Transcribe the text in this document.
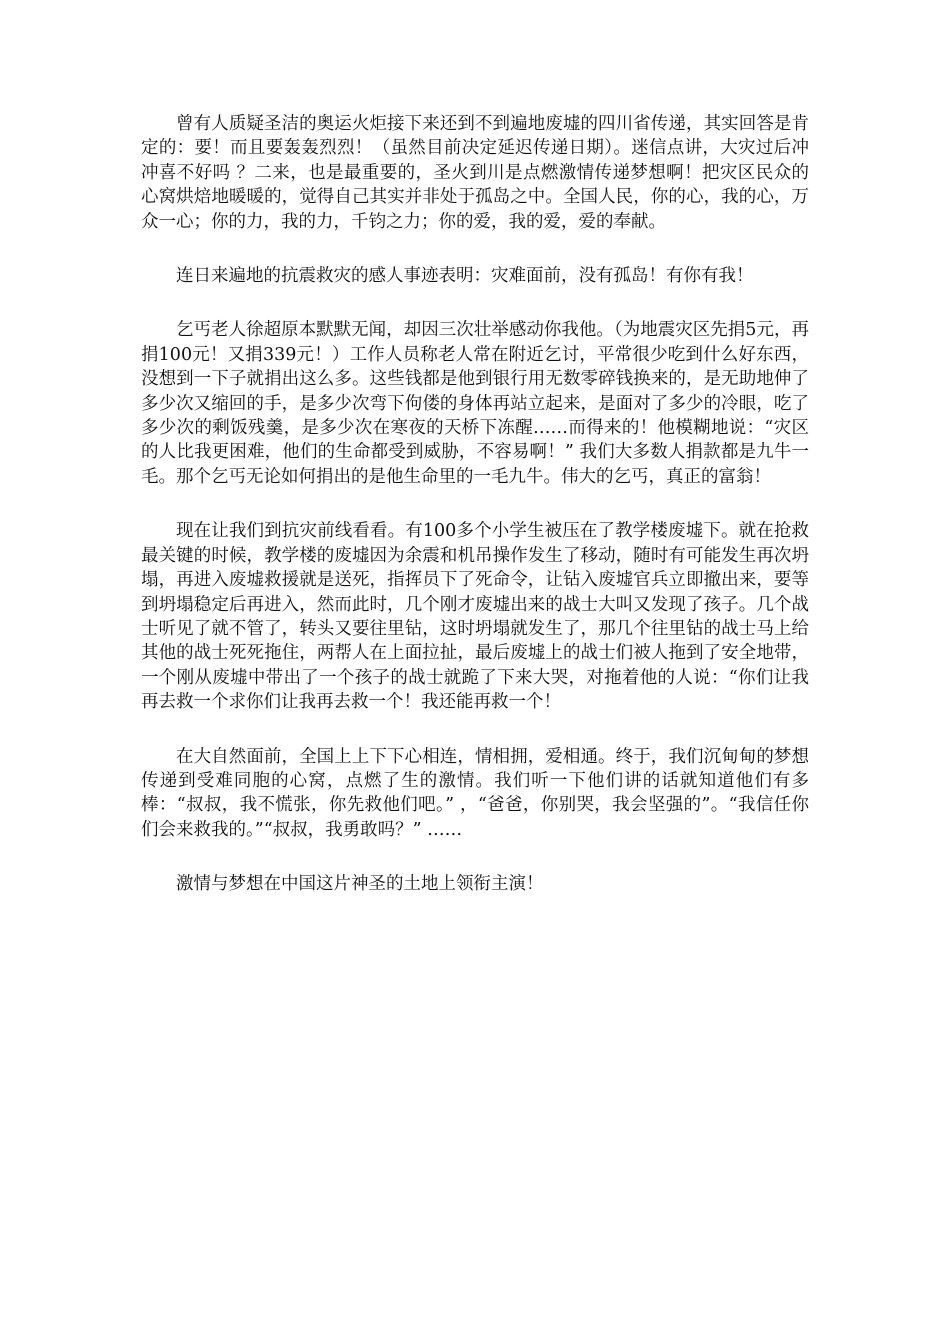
曾有人质疑圣洁的奥运火炬接下来还到不到遍地废墟的四川省传递，其实回答是肯定的：要！而且要轰轰烈烈！（虽然目前决定延迟传递日期）。迷信点讲，大灾过后冲冲喜不好吗 ？二来，也是最重要的，圣火到川是点燃激情传递梦想啊！把灾区民众的心窝烘焙地暖暖的，觉得自己其实并非处于孤岛之中。全国人民，你的心，我的心，万众一心；你的力，我的力，千钧之力；你的爱，我的爱，爱的奉献。

连日来遍地的抗震救灾的感人事迹表明：灾难面前，没有孤岛！有你有我！

乞丐老人徐超原本默默无闻，却因三次壮举感动你我他。（为地震灾区先捐5元，再捐100元！又捐339元！）工作人员称老人常在附近乞讨，平常很少吃到什么好东西，没想到一下子就捐出这么多。这些钱都是他到银行用无数零碎钱换来的，是无助地伸了多少次又缩回的手，是多少次弯下佝偻的身体再站立起来，是面对了多少的冷眼，吃了多少次的剩饭残羹，是多少次在寒夜的天桥下冻醒……而得来的！他模糊地说：“灾区的人比我更困难，他们的生命都受到威胁，不容易啊！” 我们大多数人捐款都是九牛一毛。那个乞丐无论如何捐出的是他生命里的一毛九牛。伟大的乞丐，真正的富翁！

现在让我们到抗灾前线看看。有100多个小学生被压在了教学楼废墟下。就在抢救最关键的时候，教学楼的废墟因为余震和机吊操作发生了移动，随时有可能发生再次坍塌，再进入废墟救援就是送死，指挥员下了死命令，让钻入废墟官兵立即撤出来，要等到坍塌稳定后再进入，然而此时，几个刚才废墟出来的战士大叫又发现了孩子。几个战士听见了就不管了，转头又要往里钻，这时坍塌就发生了，那几个往里钻的战士马上给其他的战士死死拖住，两帮人在上面拉扯，最后废墟上的战士们被人拖到了安全地带，一个刚从废墟中带出了一个孩子的战士就跪了下来大哭，对拖着他的人说：“你们让我再去救一个求你们让我再去救一个！我还能再救一个！

在大自然面前，全国上上下下心相连，情相拥，爱相通。终于，我们沉甸甸的梦想传递到受难同胞的心窝，点燃了生的激情。我们听一下他们讲的话就知道他们有多棒：“叔叔，我不慌张，你先救他们吧。” ，“爸爸，你别哭，我会坚强的”。“我信任你们会来救我的。”“叔叔，我勇敢吗？” ……

激情与梦想在中国这片神圣的土地上领衔主演！
